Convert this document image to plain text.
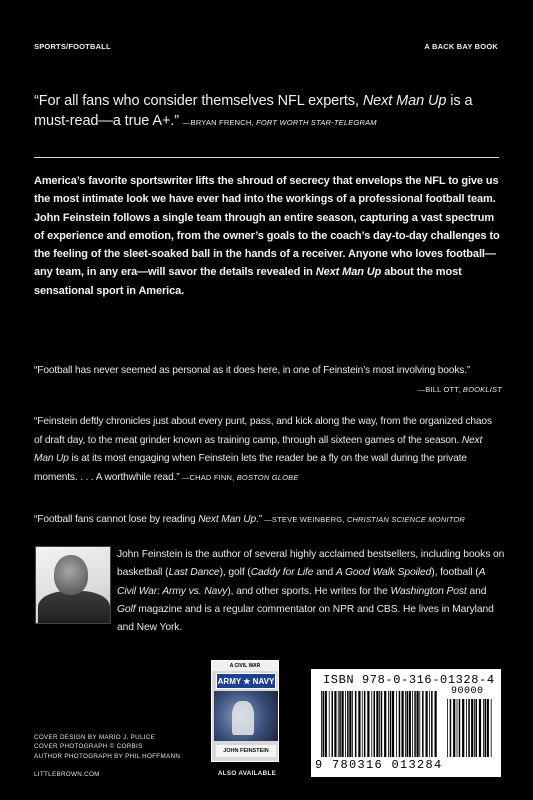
SPORTS/FOOTBALL	A BACK BAY BOOK
“For all fans who consider themselves NFL experts, Next Man Up is a must-read—a true A+.” —BRYAN FRENCH, FORT WORTH STAR-TELEGRAM
America’s favorite sportswriter lifts the shroud of secrecy that envelops the NFL to give us the most intimate look we have ever had into the workings of a professional football team. John Feinstein follows a single team through an entire season, capturing a vast spectrum of experience and emotion, from the owner’s goals to the coach’s day-to-day challenges to the feeling of the sleet-soaked ball in the hands of a receiver. Anyone who loves football—any team, in any era—will savor the details revealed in Next Man Up about the most sensational sport in America.
“Football has never seemed as personal as it does here, in one of Feinstein’s most involving books.”
—BILL OTT, BOOKLIST
“Feinstein deftly chronicles just about every punt, pass, and kick along the way, from the organized chaos of draft day, to the meat grinder known as training camp, through all sixteen games of the season. Next Man Up is at its most engaging when Feinstein lets the reader be a fly on the wall during the private moments. . . . A worthwhile read.” —CHAD FINN, BOSTON GLOBE
“Football fans cannot lose by reading Next Man Up.” —STEVE WEINBERG, CHRISTIAN SCIENCE MONITOR
John Feinstein is the author of several highly acclaimed bestsellers, including books on basketball (Last Dance), golf (Caddy for Life and A Good Walk Spoiled), football (A Civil War: Army vs. Navy), and other sports. He writes for the Washington Post and Golf magazine and is a regular commentator on NPR and CBS. He lives in Maryland and New York.
COVER DESIGN BY MARIO J. PULICE
COVER PHOTOGRAPH © CORBIS
AUTHOR PHOTOGRAPH BY PHIL HOFFMANN
LITTLEBROWN.COM
A CIVIL WAR
ARMY ★ NAVY
JOHN FEINSTEIN
ALSO AVAILABLE
ISBN 978-0-316-01328-4
90000
9 780316 013284
